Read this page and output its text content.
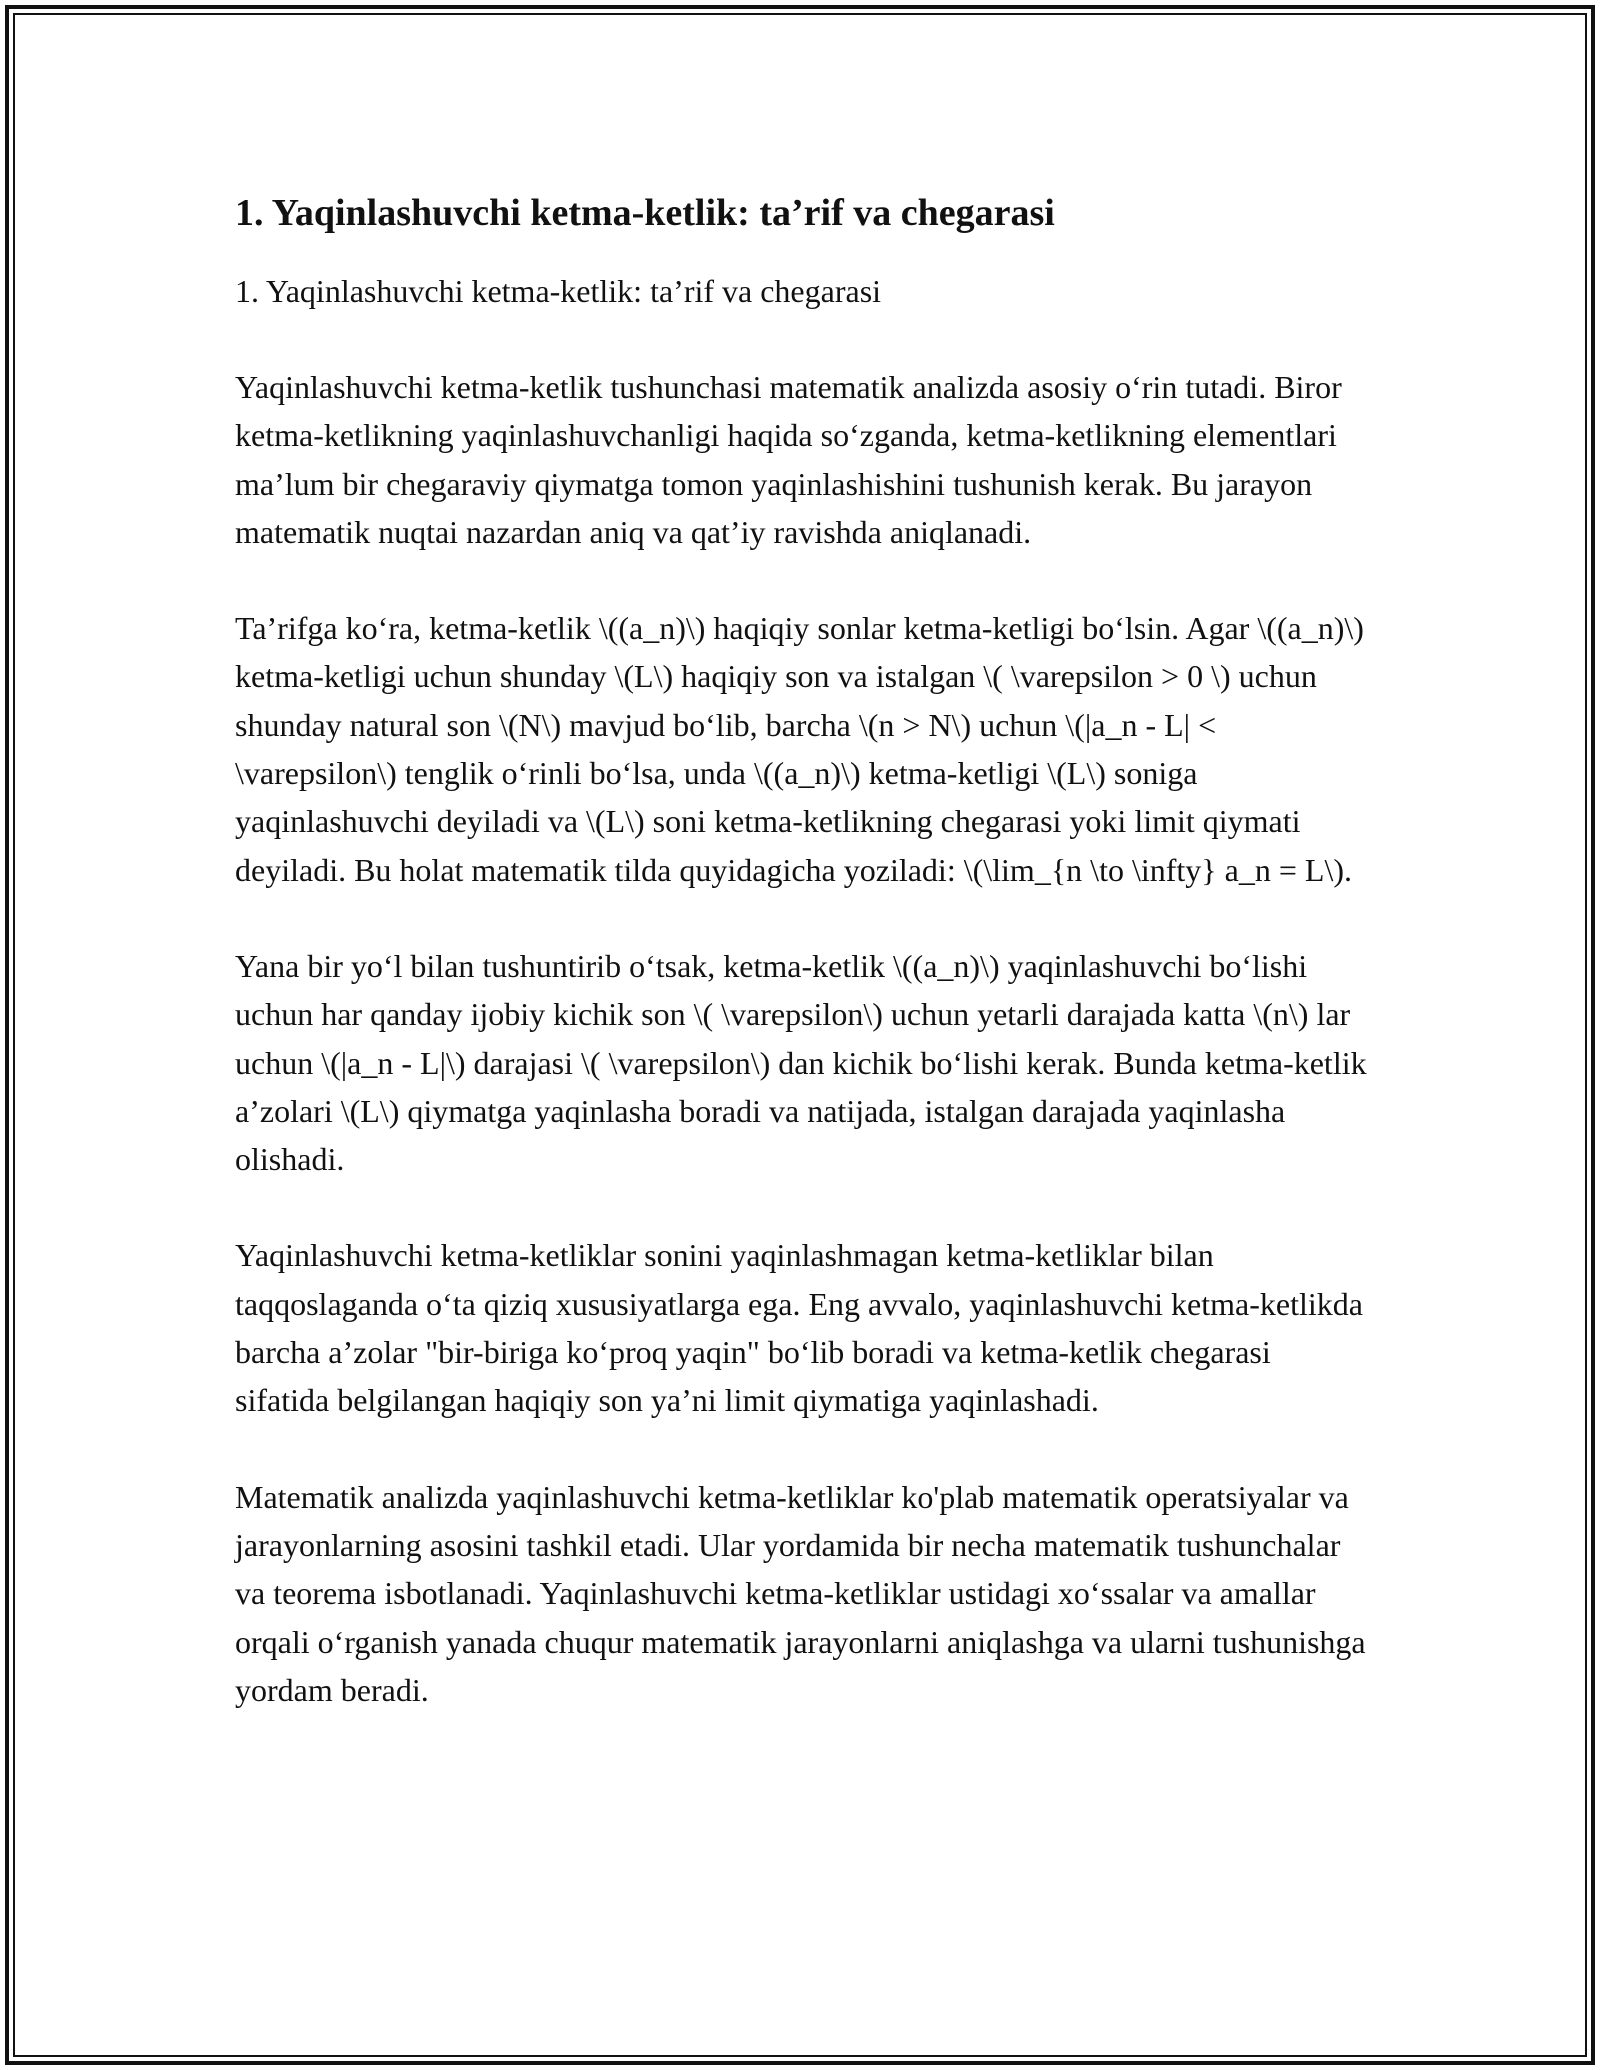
1. Yaqinlashuvchi ketma-ketlik: ta’rif va chegarasi
1. Yaqinlashuvchi ketma-ketlik: ta’rif va chegarasi

Yaqinlashuvchi ketma-ketlik tushunchasi matematik analizda asosiy o‘rin tutadi. Biror ketma-ketlikning yaqinlashuvchanligi haqida so‘zganda, ketma-ketlikning elementlari ma’lum bir chegaraviy qiymatga tomon yaqinlashishini tushunish kerak. Bu jarayon matematik nuqtai nazardan aniq va qat’iy ravishda aniqlanadi.

Ta’rifga ko‘ra, ketma-ketlik \((a_n)\) haqiqiy sonlar ketma-ketligi bo‘lsin. Agar \((a_n)\) ketma-ketligi uchun shunday \(L\) haqiqiy son va istalgan \( \varepsilon > 0 \) uchun shunday natural son \(N\) mavjud bo‘lib, barcha \(n > N\) uchun \(|a_n - L| < \varepsilon\) tenglik o‘rinli bo‘lsa, unda \((a_n)\) ketma-ketligi \(L\) soniga yaqinlashuvchi deyiladi va \(L\) soni ketma-ketlikning chegarasi yoki limit qiymati deyiladi. Bu holat matematik tilda quyidagicha yoziladi: \(\lim_{n \to \infty} a_n = L\).

Yana bir yo‘l bilan tushuntirib o‘tsak, ketma-ketlik \((a_n)\) yaqinlashuvchi bo‘lishi uchun har qanday ijobiy kichik son \( \varepsilon\) uchun yetarli darajada katta \(n\) lar uchun \(|a_n - L|\) darajasi \( \varepsilon\) dan kichik bo‘lishi kerak. Bunda ketma-ketlik a’zolari \(L\) qiymatga yaqinlasha boradi va natijada, istalgan darajada yaqinlasha olishadi.

Yaqinlashuvchi ketma-ketliklar sonini yaqinlashmagan ketma-ketliklar bilan taqqoslaganda o‘ta qiziq xususiyatlarga ega. Eng avvalo, yaqinlashuvchi ketma-ketlikda barcha a’zolar "bir-biriga ko‘proq yaqin" bo‘lib boradi va ketma-ketlik chegarasi sifatida belgilangan haqiqiy son ya’ni limit qiymatiga yaqinlashadi.

Matematik analizda yaqinlashuvchi ketma-ketliklar ko'plab matematik operatsiyalar va jarayonlarning asosini tashkil etadi. Ular yordamida bir necha matematik tushunchalar va teorema isbotlanadi. Yaqinlashuvchi ketma-ketliklar ustidagi xo‘ssalar va amallar orqali o‘rganish yanada chuqur matematik jarayonlarni aniqlashga va ularni tushunishga yordam beradi.
